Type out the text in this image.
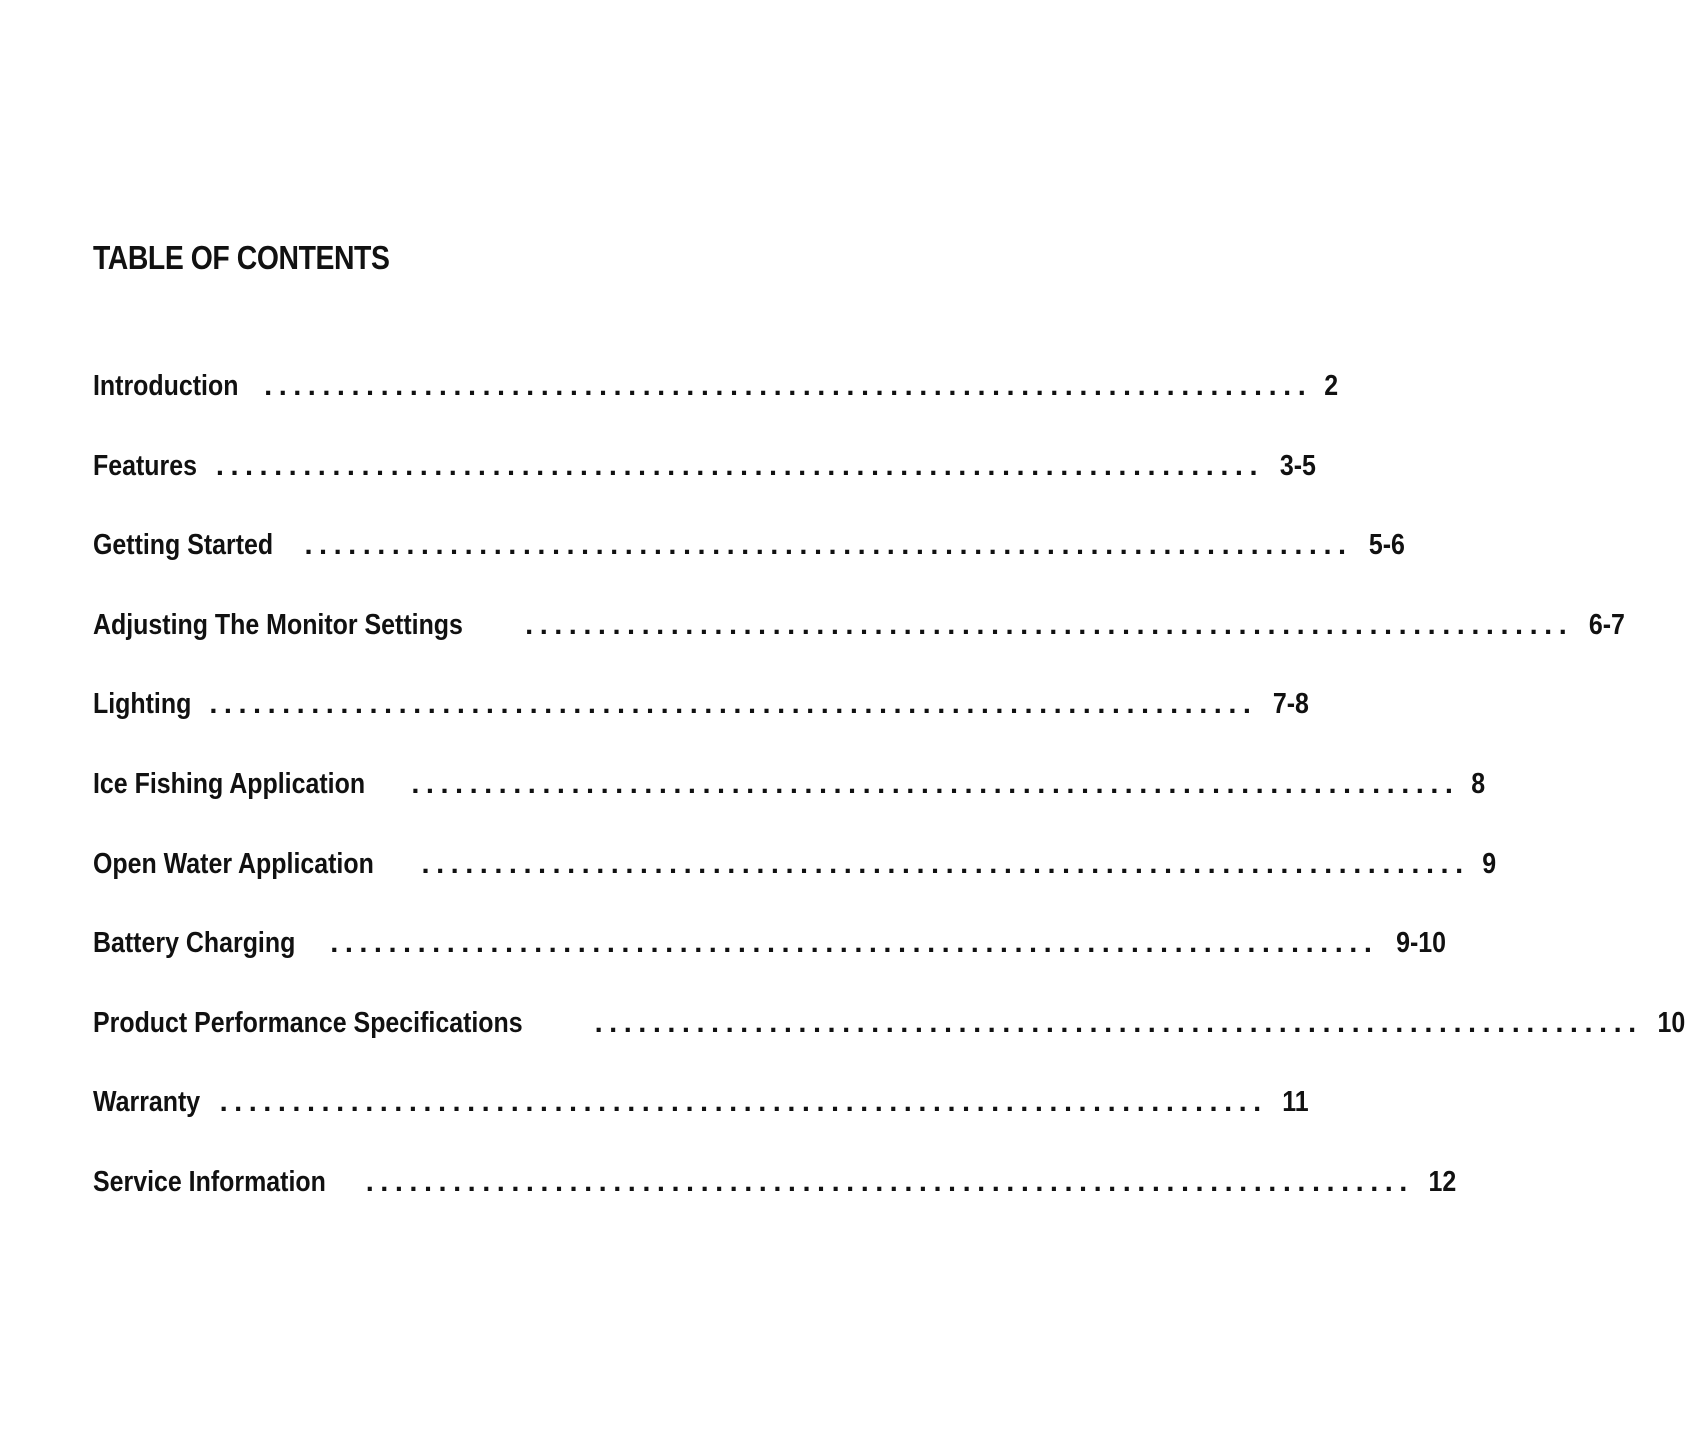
TABLE OF CONTENTS
Introduction ........................................................................ 2
Features ........................................................................ 3-5
Getting Started ........................................................................ 5-6
Adjusting The Monitor Settings ........................................................................ 6-7
Lighting ........................................................................ 7-8
Ice Fishing Application ........................................................................ 8
Open Water Application ........................................................................ 9
Battery Charging ........................................................................ 9-10
Product Performance Specifications ........................................................................ 10
Warranty ........................................................................ 11
Service Information ........................................................................ 12
